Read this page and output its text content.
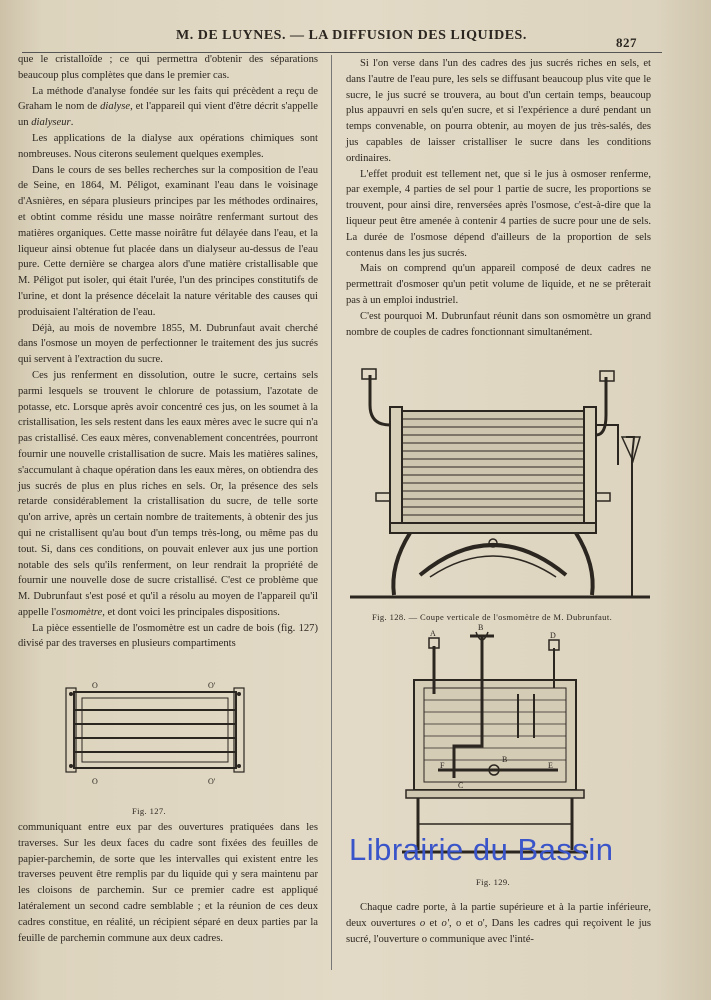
M. DE LUYNES. — LA DIFFUSION DES LIQUIDES.	827

que le cristalloïde ; ce qui permettra d'obtenir des séparations beaucoup plus complètes que dans le premier cas.

La méthode d'analyse fondée sur les faits qui précèdent a reçu de Graham le nom de dialyse, et l'appareil qui vient d'être décrit s'appelle un dialyseur.

Les applications de la dialyse aux opérations chimiques sont nombreuses. Nous citerons seulement quelques exemples.

Dans le cours de ses belles recherches sur la composition de l'eau de Seine, en 1864, M. Péligot, examinant l'eau dans le voisinage d'Asnières, en sépara plusieurs principes par les méthodes ordinaires, et obtint comme résidu une masse noirâtre renfermant surtout des matières organiques. Cette masse noirâtre fut délayée dans l'eau, et la liqueur ainsi obtenue fut placée dans un dialyseur au-dessus de l'eau pure. Cette dernière se chargea alors d'une matière cristallisable que M. Péligot put isoler, qui était l'urée, l'un des principes constitutifs de l'urine, et dont la présence décelait la nature véritable des causes qui produisaient l'altération de l'eau.

Déjà, au mois de novembre 1855, M. Dubrunfaut avait cherché dans l'osmose un moyen de perfectionner le traitement des jus sucrés qui servent à l'extraction du sucre.

Ces jus renferment en dissolution, outre le sucre, certains sels parmi lesquels se trouvent le chlorure de potassium, l'azotate de potasse, etc. Lorsque après avoir concentré ces jus, on les soumet à la cristallisation, les sels restent dans les eaux mères avec le sucre qui n'a pas cristallisé. Ces eaux mères, convenablement concentrées, pourront fournir une nouvelle cristallisation de sucre. Mais les matières salines, s'accumulant à chaque opération dans les eaux mères, on obtiendra des jus sucrés de plus en plus riches en sels. Or, la présence des sels retarde considérablement la cristallisation du sucre, de telle sorte qu'on arrive, après un certain nombre de traitements, à obtenir des jus qui ne cristallisent qu'au bout d'un temps très-long, ou même pas du tout. Si, dans ces conditions, on pouvait enlever aux jus une portion notable des sels qu'ils renferment, on leur rendrait la propriété de fournir une nouvelle dose de sucre cristallisé. C'est ce problème que M. Dubrunfaut s'est posé et qu'il a résolu au moyen de l'appareil qu'il appelle l'osmomètre, et dont voici les principales dispositions.

La pièce essentielle de l'osmomètre est un cadre de bois (fig. 127) divisé par des traverses en plusieurs compartiments

O	O'
O	O'
Fig. 127.

communiquant entre eux par des ouvertures pratiquées dans les traverses. Sur les deux faces du cadre sont fixées des feuilles de papier-parchemin, de sorte que les intervalles qui existent entre les traverses peuvent être remplis par du liquide qui y sera maintenu par les cloisons de parchemin. Sur ce premier cadre est appliqué latéralement un second cadre semblable ; et la réunion de ces deux cadres constitue, en réalité, un récipient séparé en deux parties par la feuille de parchemin commune aux deux cadres.

Si l'on verse dans l'un des cadres des jus sucrés riches en sels, et dans l'autre de l'eau pure, les sels se diffusant beaucoup plus vite que le sucre, le jus sucré se trouvera, au bout d'un certain temps, beaucoup plus appauvri en sels qu'en sucre, et si l'expérience a duré pendant un temps convenable, on pourra obtenir, au moyen de jus très-salés, des jus capables de laisser cristalliser le sucre dans les conditions ordinaires.

L'effet produit est tellement net, que si le jus à osmoser renferme, par exemple, 4 parties de sel pour 1 partie de sucre, les proportions se trouvent, pour ainsi dire, renversées après l'osmose, c'est-à-dire que la liqueur peut être amenée à contenir 4 parties de sucre pour une de sels. La durée de l'osmose dépend d'ailleurs de la proportion de sels contenus dans les jus sucrés.

Mais on comprend qu'un appareil composé de deux cadres ne permettrait d'osmoser qu'un petit volume de liquide, et ne se prêterait pas à un emploi industriel.

C'est pourquoi M. Dubrunfaut réunit dans son osmomètre un grand nombre de couples de cadres fonctionnant simultanément.

Fig. 128. — Coupe verticale de l'osmomètre de M. Dubrunfaut.
A
B
D
F
B
E
C
Fig. 129.

Chaque cadre porte, à la partie supérieure et à la partie inférieure, deux ouvertures o et o', o et o', Dans les cadres qui reçoivent le jus sucré, l'ouverture o communique avec l'inté-

Librairie du Bassin
